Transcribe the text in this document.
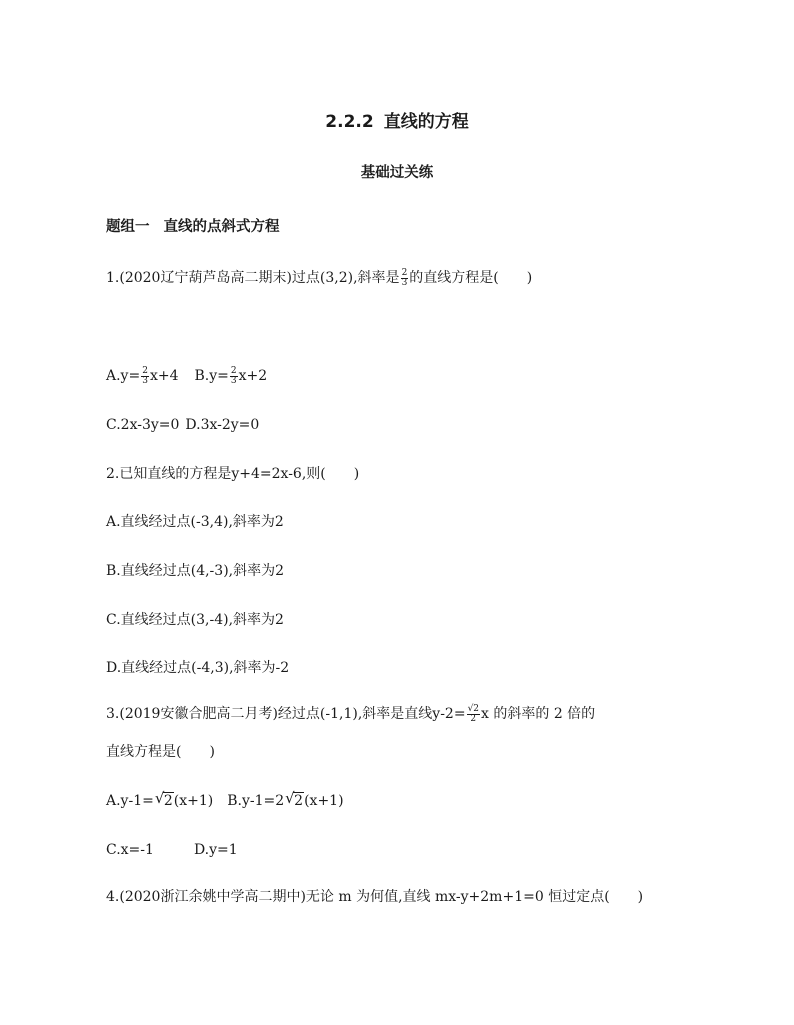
2.2.2 直线的方程
基础过关练
题组一 直线的点斜式方程
1.(2020辽宁葫芦岛高二期末)过点(3,2),斜率是 $\frac{2}{3}$ 的直线方程是( )
$A.y= \frac{2}{3} x+4$ $B.y= \frac{2}{3} x+2$
C.2x-3y=0 D.3x-2y=0
2.已知直线的方程是y+4=2x-6,则( )
A.直线经过点(-3,4),斜率为2
B.直线经过点(4,-3),斜率为2
C.直线经过点(3,-4),斜率为2
D.直线经过点(-4,3),斜率为-2
3.(2019安徽合肥高二月考)经过点(-1,1),斜率是直线$y-2= \frac{√2}{2}$ x 的斜率的 2 倍的
直线方程是( )
A.y-1= √ 2(x+1) B.y-1=2 √ 2(x+1)
C.x=-1	D.y=1
4.(2020浙江余姚中学高二期中)无论 m 为何值,直线 mx-y+2m+1=0 恒过定点( )
